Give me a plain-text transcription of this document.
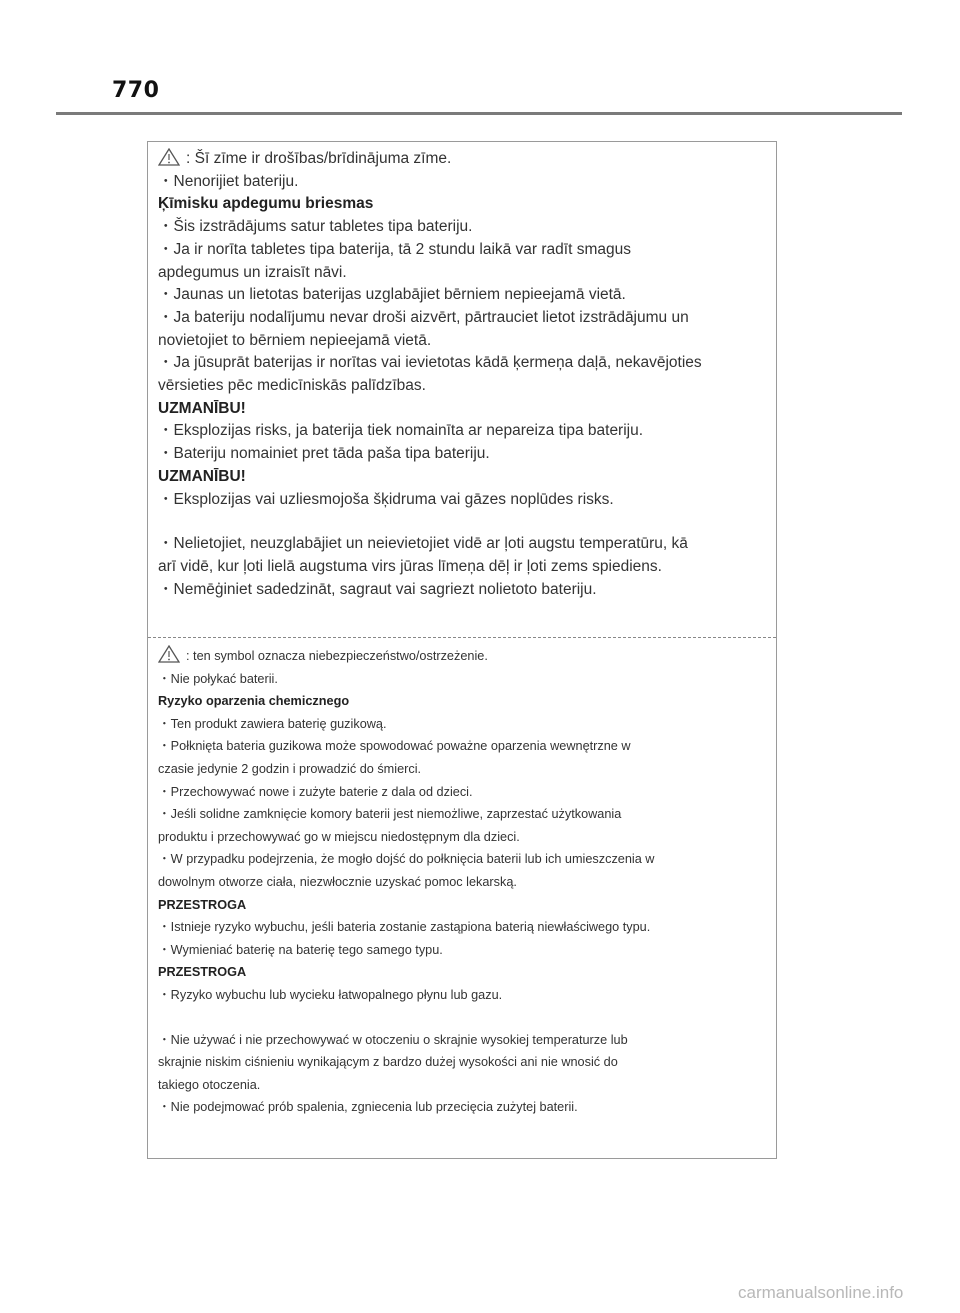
770
: Šī zīme ir drošības/brīdinājuma zīme.
・Nenorijiet bateriju.
Ķīmisku apdegumu briesmas
・Šis izstrādājums satur tabletes tipa bateriju.
・Ja ir norīta tabletes tipa baterija, tā 2 stundu laikā var radīt smagus
apdegumus un izraisīt nāvi.
・Jaunas un lietotas baterijas uzglabājiet bērniem nepieejamā vietā.
・Ja bateriju nodalījumu nevar droši aizvērt, pārtrauciet lietot izstrādājumu un
novietojiet to bērniem nepieejamā vietā.
・Ja jūsuprāt baterijas ir norītas vai ievietotas kādā ķermeņa daļā, nekavējoties
vērsieties pēc medicīniskās palīdzības.
UZMANĪBU!
・Eksplozijas risks, ja baterija tiek nomainīta ar nepareiza tipa bateriju.
・Bateriju nomainiet pret tāda paša tipa bateriju.
UZMANĪBU!
・Eksplozijas vai uzliesmojoša šķidruma vai gāzes noplūdes risks.
・Nelietojiet, neuzglabājiet un neievietojiet vidē ar ļoti augstu temperatūru, kā
arī vidē, kur ļoti lielā augstuma virs jūras līmeņa dēļ ir ļoti zems spiediens.
・Nemēģiniet sadedzināt, sagraut vai sagriezt nolietoto bateriju.
: ten symbol oznacza niebezpieczeństwo/ostrzeżenie.
・Nie połykać baterii.
Ryzyko oparzenia chemicznego
・Ten produkt zawiera baterię guzikową.
・Połknięta bateria guzikowa może spowodować poważne oparzenia wewnętrzne w
czasie jedynie 2 godzin i prowadzić do śmierci.
・Przechowywać nowe i zużyte baterie z dala od dzieci.
・Jeśli solidne zamknięcie komory baterii jest niemożliwe, zaprzestać użytkowania
produktu i przechowywać go w miejscu niedostępnym dla dzieci.
・W przypadku podejrzenia, że mogło dojść do połknięcia baterii lub ich umieszczenia w
dowolnym otworze ciała, niezwłocznie uzyskać pomoc lekarską.
PRZESTROGA
・Istnieje ryzyko wybuchu, jeśli bateria zostanie zastąpiona baterią niewłaściwego typu.
・Wymieniać baterię na baterię tego samego typu.
PRZESTROGA
・Ryzyko wybuchu lub wycieku łatwopalnego płynu lub gazu.
・Nie używać i nie przechowywać w otoczeniu o skrajnie wysokiej temperaturze lub
skrajnie niskim ciśnieniu wynikającym z bardzo dużej wysokości ani nie wnosić do
takiego otoczenia.
・Nie podejmować prób spalenia, zgniecenia lub przecięcia zużytej baterii.
carmanualsonline.info
